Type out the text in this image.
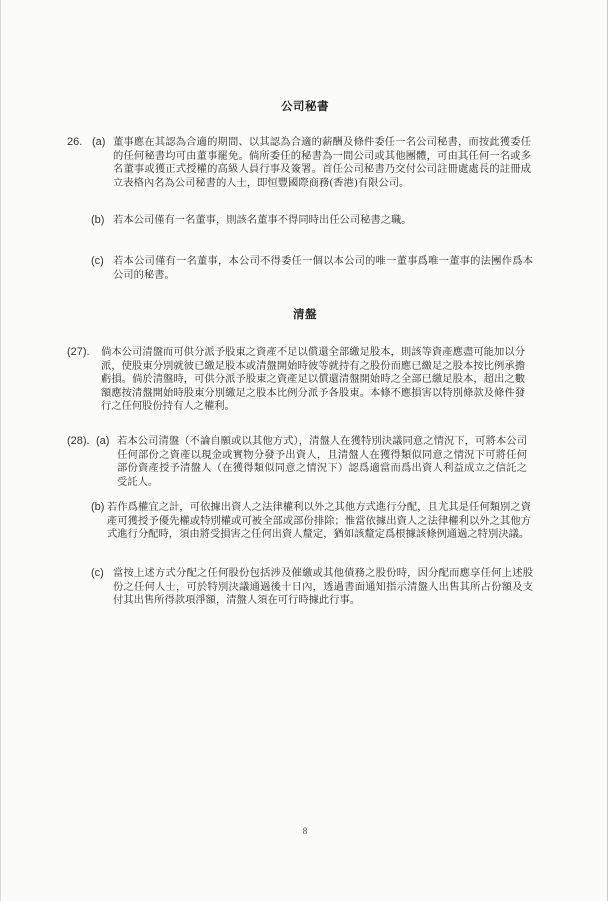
公司秘書
26. (a) 董事應在其認為合適的期間、以其認為合適的薪酬及條件委任一名公司秘書，而按此獲委任的任何秘書均可由董事罷免。倘所委任的秘書為一間公司或其他團體，可由其任何一名或多名董事或獲正式授權的高級人員行事及簽署。首任公司秘書乃交付公司註冊處處長的註冊成立表格內名為公司秘書的人士，即恒豐國際商務(香港)有限公司。
(b) 若本公司僅有一名董事，則該名董事不得同時出任公司秘書之職。
(c) 若本公司僅有一名董事，本公司不得委任一個以本公司的唯一董事爲唯一董事的法團作爲本公司的秘書。
清盤
(27). 倘本公司清盤而可供分派予股東之資產不足以償還全部繳足股本，則該等資產應盡可能加以分派，使股東分別就彼已繳足股本或清盤開始時彼等就持有之股份而應已繳足之股本按比例承擔虧損。倘於清盤時，可供分派予股東之資產足以償還清盤開始時之全部已繳足股本，超出之數額應按清盤開始時股東分別繳足之股本比例分派予各股東。本條不應損害以特別條款及條件發行之任何股份持有人之權利。
(28). (a) 若本公司清盤（不論自願或以其他方式），清盤人在獲特別決議同意之情況下，可將本公司任何部份之資產以現金或實物分發予出資人，且清盤人在獲得類似同意之情況下可將任何部份資產授予清盤人（在獲得類似同意之情況下）認爲適當而爲出資人利益成立之信託之受託人。
(b) 若作爲權宜之計，可依據出資人之法律權利以外之其他方式進行分配，且尤其是任何類別之資產可獲授予優先權或特別權或可被全部或部份排除；惟當依據出資人之法律權利以外之其他方式進行分配時，須由將受損害之任何出資人釐定，猶如該釐定爲根據該條例通過之特別決議。
(c) 當按上述方式分配之任何股份包括涉及催繳或其他債務之股份時，因分配而應享任何上述股份之任何人士，可於特別決議通過後十日內，透過書面通知指示清盤人出售其所占份額及支付其出售所得款項淨額，清盤人須在可行時據此行事。
8
